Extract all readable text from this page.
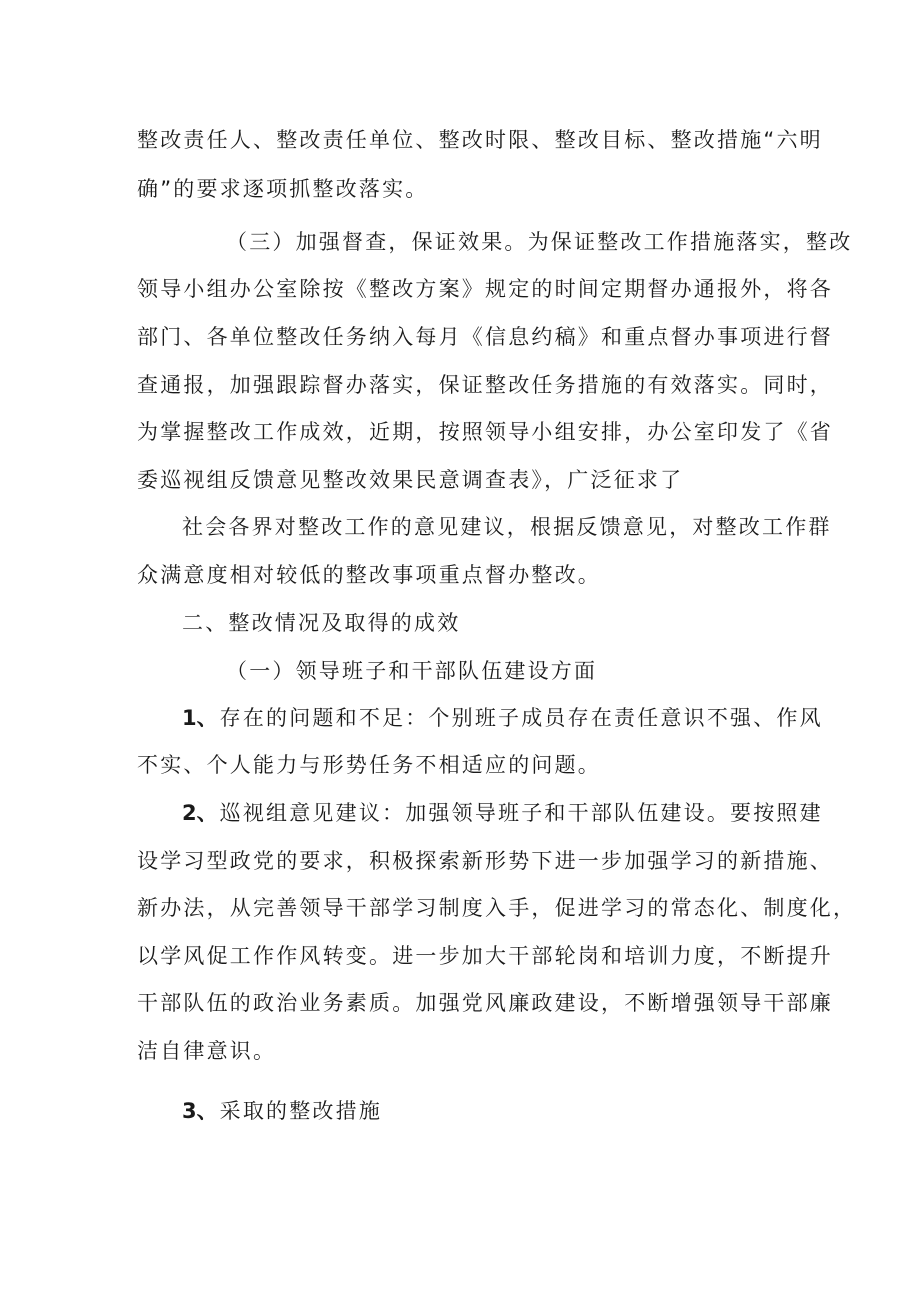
整改责任人、整改责任单位、整改时限、整改目标、整改措施“六明
确”的要求逐项抓整改落实。
（三）加强督查，保证效果。为保证整改工作措施落实，整改
领导小组办公室除按《整改方案》规定的时间定期督办通报外，将各
部门、各单位整改任务纳入每月《信息约稿》和重点督办事项进行督
查通报，加强跟踪督办落实，保证整改任务措施的有效落实。同时，
为掌握整改工作成效，近期，按照领导小组安排，办公室印发了《省
委巡视组反馈意见整改效果民意调查表》，广泛征求了
社会各界对整改工作的意见建议，根据反馈意见，对整改工作群
众满意度相对较低的整改事项重点督办整改。
二、整改情况及取得的成效
（一）领导班子和干部队伍建设方面
1、存在的问题和不足：个别班子成员存在责任意识不强、作风
不实、个人能力与形势任务不相适应的问题。
2、巡视组意见建议：加强领导班子和干部队伍建设。要按照建
设学习型政党的要求，积极探索新形势下进一步加强学习的新措施、
新办法，从完善领导干部学习制度入手，促进学习的常态化、制度化，
以学风促工作作风转变。进一步加大干部轮岗和培训力度，不断提升
干部队伍的政治业务素质。加强党风廉政建设，不断增强领导干部廉
洁自律意识。
3、采取的整改措施
